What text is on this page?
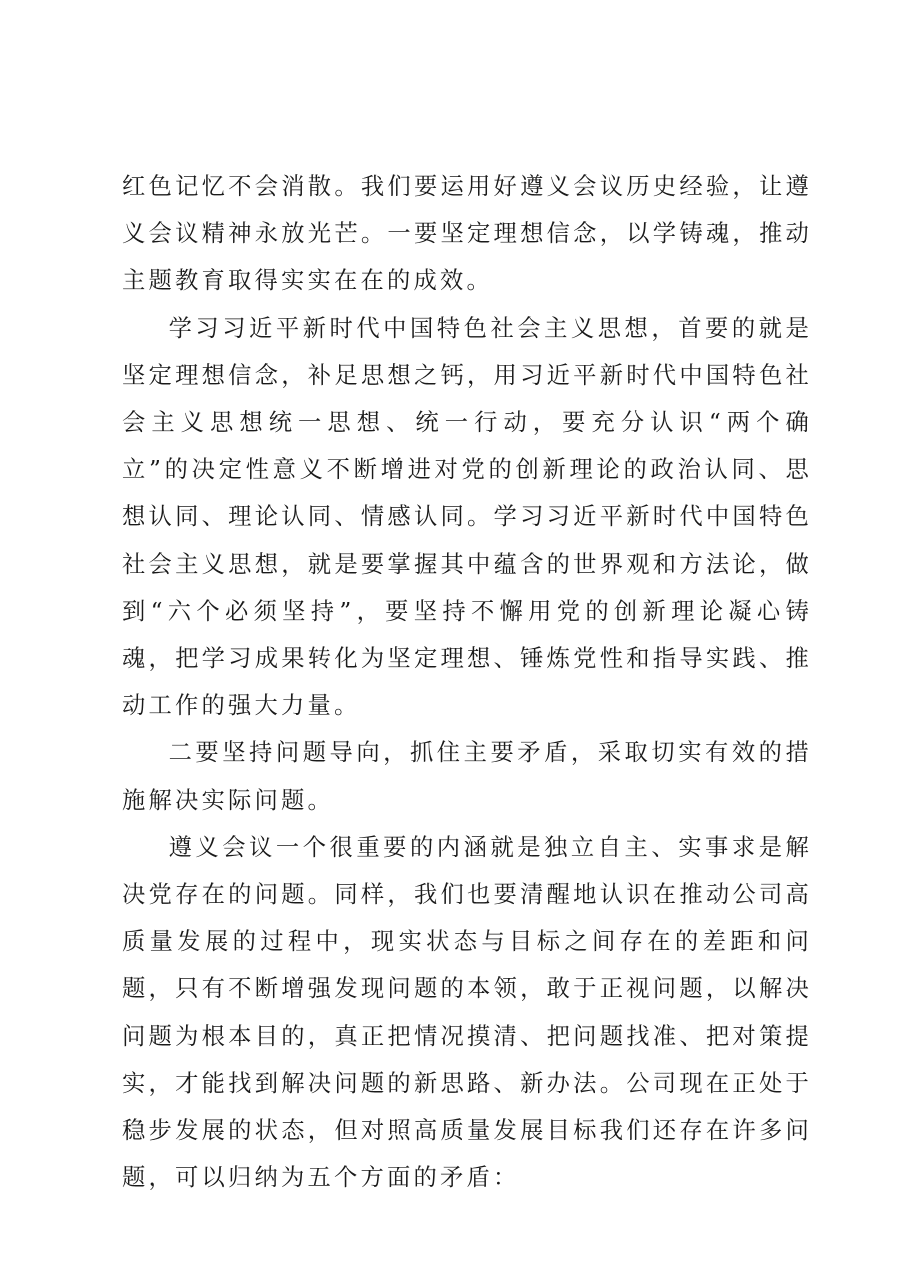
红色记忆不会消散。我们要运用好遵义会议历史经验，让遵义会议精神永放光芒。一要坚定理想信念，以学铸魂，推动主题教育取得实实在在的成效。

学习习近平新时代中国特色社会主义思想，首要的就是坚定理想信念，补足思想之钙，用习近平新时代中国特色社会主义思想统一思想、统一行动，要充分认识“两个确立”的决定性意义不断增进对党的创新理论的政治认同、思想认同、理论认同、情感认同。学习习近平新时代中国特色社会主义思想，就是要掌握其中蕴含的世界观和方法论，做到“六个必须坚持”，要坚持不懈用党的创新理论凝心铸魂，把学习成果转化为坚定理想、锤炼党性和指导实践、推动工作的强大力量。

二要坚持问题导向，抓住主要矛盾，采取切实有效的措施解决实际问题。

遵义会议一个很重要的内涵就是独立自主、实事求是解决党存在的问题。同样，我们也要清醒地认识在推动公司高质量发展的过程中，现实状态与目标之间存在的差距和问题，只有不断增强发现问题的本领，敢于正视问题，以解决问题为根本目的，真正把情况摸清、把问题找准、把对策提实，才能找到解决问题的新思路、新办法。公司现在正处于稳步发展的状态，但对照高质量发展目标我们还存在许多问题，可以归纳为五个方面的矛盾：
